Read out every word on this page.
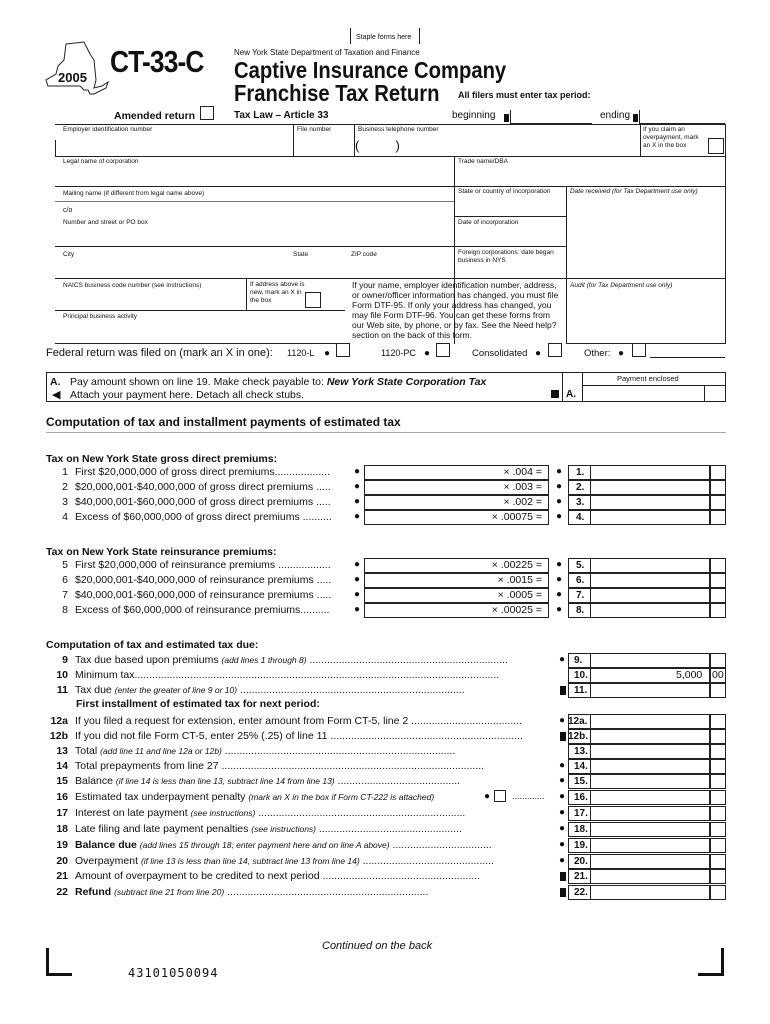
Staple forms here
2005 CT-33-C	New York State Department of Taxation and Finance
Captive Insurance Company
Franchise Tax Return All filers must enter tax period:
Amended return	Tax Law – Article 33	beginning	ending
Employer identification number	File number	Business telephone number
(          )
If you claim an overpayment, mark an X in the box
Legal name of corporation	Trade name/DBA
Mailing name (if different from legal name above)	State or country of incorporation	Date received (for Tax Department use only)
c/o
Number and street or PO box	Date of incorporation
City	State	ZIP code	Foreign corporations: date began business in NYS
NAICS business code number (see instructions)	If address above is new, mark an X in the box
If your name, employer identification number, address, or owner/officer information has changed, you must file Form DTF-95. If only your address has changed, you may file Form DTF-96. You can get these forms from our Web site, by phone, or by fax. See the Need help? section on the back of this form.
Audit (for Tax Department use only)
Principal business activity
Federal return was filed on (mark an X in one): 1120-L ●	1120-PC ●	Consolidated ●	Other: ●
A. Pay amount shown on line 19. Make check payable to: New York State Corporation Tax
◀ Attach your payment here. Detach all check stubs.	A.
Payment enclosed
Computation of tax and installment payments of estimated tax
Tax on New York State gross direct premiums:
Tax on New York State reinsurance premiums:
Computation of tax and estimated tax due:
First installment of estimated tax for next period:
Continued on the back
43101050094
1 First $20,000,000 of gross direct premiums...................	●	× .004 = ● 1.
2 $20,000,001-$40,000,000 of gross direct premiums .....	●	× .003 = ● 2.
3 $40,000,001-$60,000,000 of gross direct premiums .....	●	× .002 = ● 3.
4 Excess of $60,000,000 of gross direct premiums ..........	●	× .00075 = ● 4.
5 First $20,000,000 of reinsurance premiums ..................	●	× .00225 = ● 5.
6 $20,000,001-$40,000,000 of reinsurance premiums .....	●	× .0015 = ● 6.
7 $40,000,001-$60,000,000 of reinsurance premiums .....	●	× .0005 = ● 7.
8 Excess of $60,000,000 of reinsurance premiums..........	●	× .00025 = ● 8.
9 Tax due based upon premiums (add lines 1 through 8) ....................................................................	● 9.
10 Minimum tax.............................................................................................................................	10.	5,000 00
11 Tax due (enter the greater of line 9 or 10) .............................................................................	11.
12a If you filed a request for extension, enter amount from Form CT-5, line 2 ......................................	● 12a.
12b If you did not file Form CT-5, enter 25% (.25) of line 11 ..................................................................	12b.
13 Total (add line 11 and line 12a or 12b) ...............................................................................	13.
14 Total prepayments from line 27 ..........................................................................................	● 14.
15 Balance (if line 14 is less than line 13, subtract line 14 from line 13) ..........................................	● 15.
16 Estimated tax underpayment penalty (mark an X in the box if Form CT-222 is attached)	● ............. ● 16.
17 Interest on late payment (see instructions) .......................................................................	● 17.
18 Late filing and late payment penalties (see instructions) .................................................	● 18.
19 Balance due (add lines 15 through 18; enter payment here and on line A above) ..................................	● 19.
20 Overpayment (if line 13 is less than line 14, subtract line 13 from line 14) .............................................	● 20.
21 Amount of overpayment to be credited to next period ......................................................	21.
22 Refund (subtract line 21 from line 20) .....................................................................	22.
